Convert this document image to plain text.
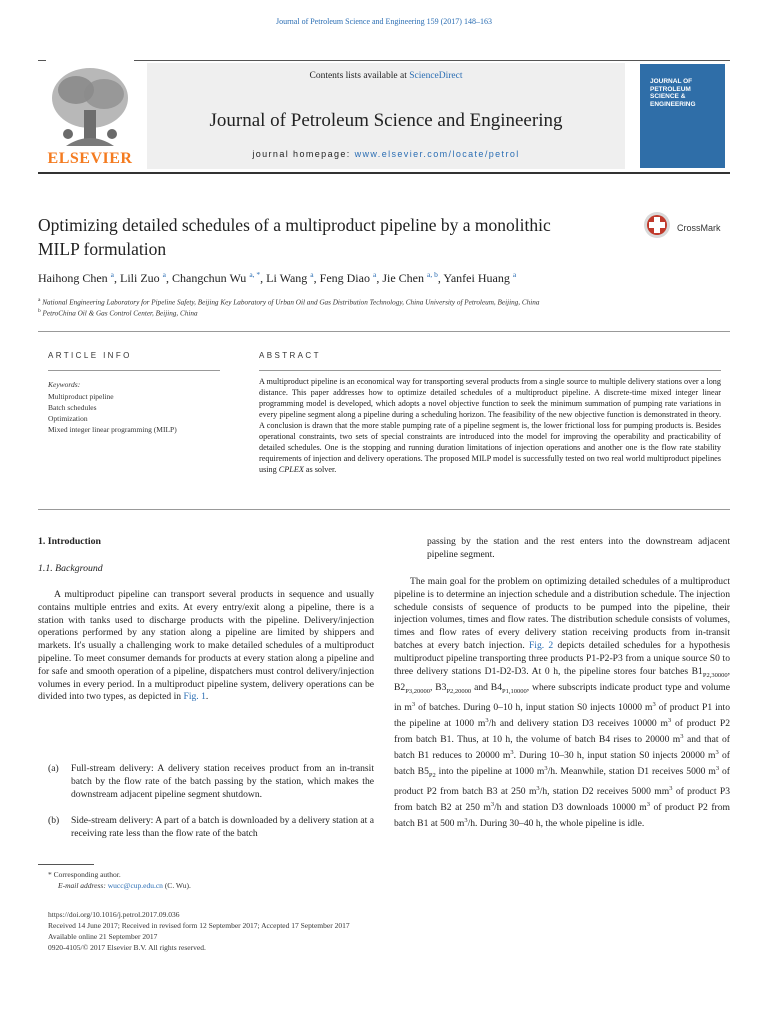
Journal of Petroleum Science and Engineering 159 (2017) 148–163
ELSEVIER
Contents lists available at ScienceDirect
Journal of Petroleum Science and Engineering
journal homepage: www.elsevier.com/locate/petrol
JOURNAL OF PETROLEUM SCIENCE & ENGINEERING
Optimizing detailed schedules of a multiproduct pipeline by a monolithic
MILP formulation
CrossMark
Haihong Chen $^a$, Lili Zuo $^a$, Changchun Wu $^{a, *}$, Li Wang $^a$, Feng Diao $^a$, Jie Chen $^{a, b}$, Yanfei Huang $^a$
$^a$ National Engineering Laboratory for Pipeline Safety, Beijing Key Laboratory of Urban Oil and Gas Distribution Technology, China University of Petroleum, Beijing, China
$^b$ PetroChina Oil & Gas Control Center, Beijing, China
ARTICLE INFO	ABSTRACT
Keywords:
Multiproduct pipeline
Batch schedules
Optimization
Mixed integer linear programming (MILP)
A multiproduct pipeline is an economical way for transporting several products from a single source to multiple delivery stations over a long distance. This paper addresses how to optimize detailed schedules of a multiproduct pipeline. A discrete-time mixed integer linear programming model is developed, which adopts a novel objective function to seek the minimum summation of pumping rate variations in every pipeline segment along a pipeline during a scheduling horizon. The feasibility of the new objective function is demonstrated in theory. A conclusion is drawn that the more stable pumping rate of a pipeline segment is, the lower frictional loss for pumping products is. Besides operational constraints, two sets of special constraints are introduced into the model for improving the operability and practicability of detailed schedules. One is the stopping and running duration limitations of injection operations and another one is the flow rate stability requirements of injection and delivery operations. The proposed MILP model is successfully tested on two real world multiproduct pipelines using CPLEX as solver.
1. Introduction
1.1. Background

A multiproduct pipeline can transport several products in sequence and usually contains multiple entries and exits. At every entry/exit along a pipeline, there is a station with tanks used to discharge products with the pipeline. Delivery/injection operations performed by any station along a pipeline are limited by shippers and markets. It's usually a challenging work to make detailed schedules of a multiproduct pipeline. To meet consumer demands for products at every station along a pipeline and for safe and smooth operation of a pipeline, dispatchers must control delivery/injection volumes in every period. In a multiproduct pipeline system, delivery operations can be divided into two types, as depicted in Fig. 1.

(a) Full-stream delivery: A delivery station receives product from an in-transit batch by the flow rate of the batch passing by the station, which makes the downstream adjacent pipeline segment shutdown.
(b) Side-stream delivery: A part of a batch is downloaded by a delivery station at a receiving rate less than the flow rate of the batch
passing by the station and the rest enters into the downstream adjacent pipeline segment.

The main goal for the problem on optimizing detailed schedules of a multiproduct pipeline is to determine an injection schedule and a distribution schedule. The injection schedule consists of sequence of products to be pumped into the pipeline, their injection volumes, times and flow rates. The distribution schedule consists of volumes, times and flow rates of every delivery station receiving products from in-transit batches at every batch injection. Fig. 2 depicts detailed schedules for a hypothesis multiproduct pipeline transporting three products P1-P2-P3 from a unique source S0 to three delivery stations D1-D2-D3. At 0 h, the pipeline stores four batches $B1_{P2,30000}$, $B2_{P3,20000}$, $B3_{P2,20000}$ and $B4_{P1,10000}$, where subscripts indicate product type and volume in $m^3$ of batches. During 0–10 h, input station S0 injects 10000 $m^3$ of product P1 into the pipeline at 1000 $m^3/h$ and delivery station D3 receives 10000 $m^3$ of product P2 from batch B1. Thus, at 10 h, the volume of batch B4 rises to 20000 $m^3$ and that of batch B1 reduces to 20000 $m^3$. During 10–30 h, input station S0 injects 20000 $m^3$ of batch $B5_{P2}$ into the pipeline at 1000 $m^3/h$. Meanwhile, station D1 receives 5000 $m^3$ of product P2 from batch B3 at 250 $m^3/h$, station D2 receives 5000 $mm^3$ of product P3 from batch B2 at 250 $m^3/h$ and station D3 downloads 10000 $m^3$ of product P2 from batch B1 at 500 $m^3/h$. During 30–40 h, the whole pipeline is idle.

* Corresponding author.
E-mail address: wucc@cup.edu.cn (C. Wu).
https://doi.org/10.1016/j.petrol.2017.09.036
Received 14 June 2017; Received in revised form 12 September 2017; Accepted 17 September 2017
Available online 21 September 2017
0920-4105/© 2017 Elsevier B.V. All rights reserved.
